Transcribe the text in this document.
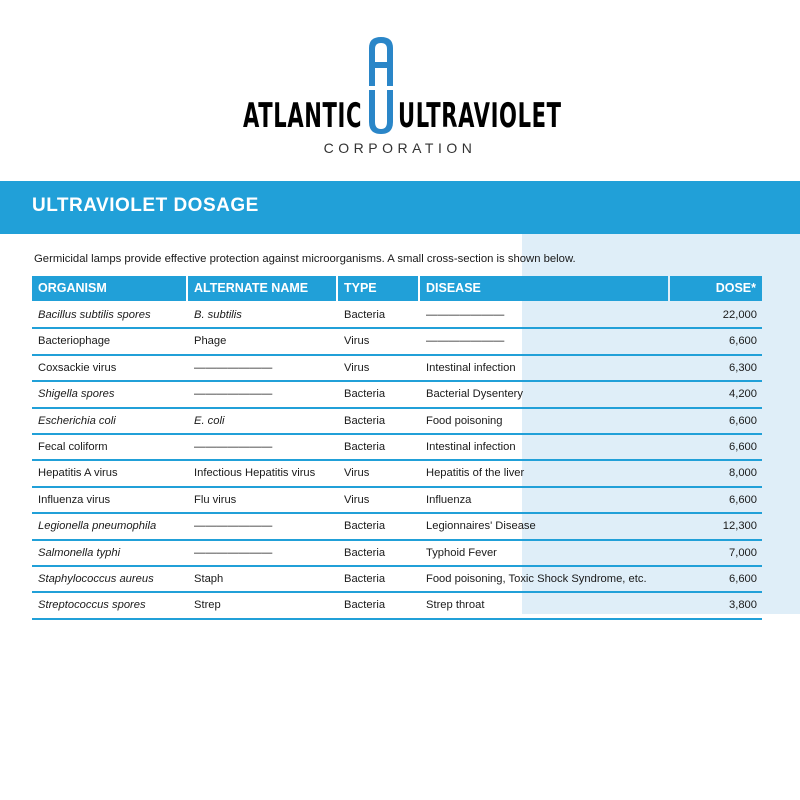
ATLANTIC ULTRAVIOLET
CORPORATION
ULTRAVIOLET DOSAGE
Germicidal lamps provide effective protection against microorganisms. A small cross-section is shown below.
ORGANISM	ALTERNATE NAME	TYPE	DISEASE	DOSE*
Bacillus subtilis spores	B. subtilis	Bacteria	———————	22,000
Bacteriophage	Phage	Virus	———————	6,600
Coxsackie virus	———————	Virus	Intestinal infection	6,300
Shigella spores	———————	Bacteria	Bacterial Dysentery	4,200
Escherichia coli	E. coli	Bacteria	Food poisoning	6,600
Fecal coliform	———————	Bacteria	Intestinal infection	6,600
Hepatitis A virus	Infectious Hepatitis virus	Virus	Hepatitis of the liver	8,000
Influenza virus	Flu virus	Virus	Influenza	6,600
Legionella pneumophila	———————	Bacteria	Legionnaires' Disease	12,300
Salmonella typhi	———————	Bacteria	Typhoid Fever	7,000
Staphylococcus aureus	Staph	Bacteria	Food poisoning, Toxic Shock Syndrome, etc.	6,600
Streptococcus spores	Strep	Bacteria	Strep throat	3,800
